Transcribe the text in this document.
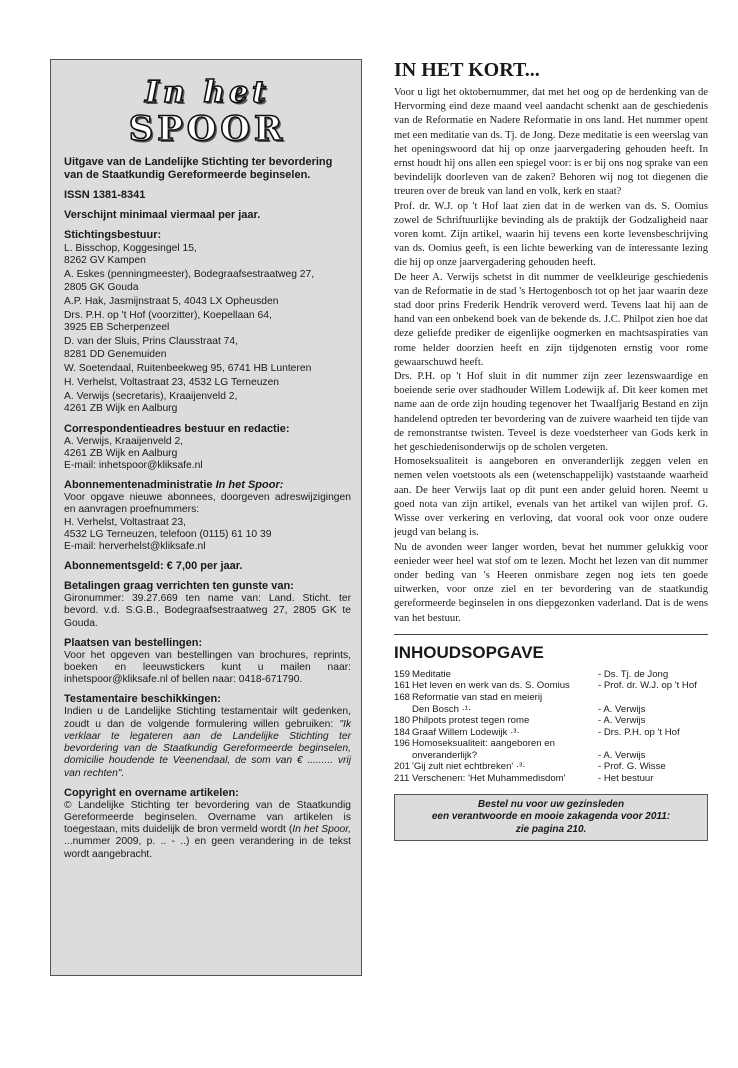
In het
SPOOR
Uitgave van de Landelijke Stichting ter bevordering van de Staatkundig Gereformeerde beginselen.
ISSN 1381-8341
Verschijnt minimaal viermaal per jaar.
Stichtingsbestuur:
L. Bisschop, Koggesingel 15,
8262 GV Kampen
A. Eskes (penningmeester), Bodegraafsestraatweg 27,
2805 GK Gouda
A.P. Hak, Jasmijnstraat 5, 4043 LX Opheusden
Drs. P.H. op 't Hof (voorzitter), Koepellaan 64,
3925 EB Scherpenzeel
D. van der Sluis, Prins Clausstraat 74,
8281 DD Genemuiden
W. Soetendaal, Ruitenbeekweg 95, 6741 HB Lunteren
H. Verhelst, Voltastraat 23, 4532 LG Terneuzen
A. Verwijs (secretaris), Kraaijenveld 2,
4261 ZB Wijk en Aalburg
Correspondentieadres bestuur en redactie:
A. Verwijs, Kraaijenveld 2,
4261 ZB Wijk en Aalburg
E-mail: inhetspoor@kliksafe.nl
Abonnementenadministratie In het Spoor:
Voor opgave nieuwe abonnees, doorgeven adreswijzigingen en aanvragen proefnummers:
H. Verhelst, Voltastraat 23,
4532 LG Terneuzen, telefoon (0115) 61 10 39
E-mail: herverhelst@kliksafe.nl
Abonnementsgeld: € 7,00 per jaar.
Betalingen graag verrichten ten gunste van:
Gironummer: 39.27.669 ten name van: Land. Sticht. ter bevord. v.d. S.G.B., Bodegraafsestraatweg 27, 2805 GK te Gouda.
Plaatsen van bestellingen:
Voor het opgeven van bestellingen van brochures, reprints, boeken en leeuwstickers kunt u mailen naar: inhetspoor@kliksafe.nl of bellen naar: 0418-671790.
Testamentaire beschikkingen:
Indien u de Landelijke Stichting testamentair wilt gedenken, zoudt u dan de volgende formulering willen gebruiken: "Ik verklaar te legateren aan de Landelijke Stichting ter bevordering van de Staatkundig Gereformeerde beginselen, domicilie houdende te Veenendaal, de som van € ......... vrij van rechten".
Copyright en overname artikelen:
© Landelijke Stichting ter bevordering van de Staatkundig Gereformeerde beginselen. Overname van artikelen is toegestaan, mits duidelijk de bron vermeld wordt (In het Spoor, ...nummer 2009, p. .. - ..) en geen verandering in de tekst wordt aangebracht.
IN HET KORT...

Voor u ligt het oktobernummer, dat met het oog op de herdenking van de Hervorming eind deze maand veel aandacht schenkt aan de geschiedenis van de Reformatie en Nadere Reformatie in ons land. Het nummer opent met een meditatie van ds. Tj. de Jong. Deze meditatie is een weerslag van het openingswoord dat hij op onze jaarvergadering gehouden heeft. In ernst houdt hij ons allen een spiegel voor: is er bij ons nog sprake van een bevindelijk doorleven van de zaken? Behoren wij nog tot diegenen die treuren over de breuk van land en volk, kerk en staat?

Prof. dr. W.J. op 't Hof laat zien dat in de werken van ds. S. Oomius zowel de Schriftuurlijke bevinding als de praktijk der Godzaligheid naar voren komt. Zijn artikel, waarin hij tevens een korte levensbeschrijving van ds. Oomius geeft, is een lichte bewerking van de interessante lezing die hij op onze jaarvergadering gehouden heeft.

De heer A. Verwijs schetst in dit nummer de veelkleurige geschiedenis van de Reformatie in de stad 's Hertogenbosch tot op het jaar waarin deze stad door prins Frederik Hendrik veroverd werd. Tevens laat hij aan de hand van een onbekend boek van de bekende ds. J.C. Philpot zien hoe dat deze geliefde prediker de eigenlijke oogmerken en machtsaspiraties van rome helder doorzien heeft en zijn tijdgenoten ernstig voor rome gewaarschuwd heeft.

Drs. P.H. op 't Hof sluit in dit nummer zijn zeer lezenswaardige en boeiende serie over stadhouder Willem Lodewijk af. Dit keer komen met name aan de orde zijn houding tegenover het Twaalfjarig Bestand en zijn handelend optreden ter bevordering van de zuivere waarheid ten tijde van de remonstrantse twisten. Teveel is deze voedsterheer van Gods kerk in het geschiedenisonderwijs op de scholen vergeten.

Homoseksualiteit is aangeboren en onveranderlijk zeggen velen en nemen velen voetstoots als een (wetenschappelijk) vaststaande waarheid aan. De heer Verwijs laat op dit punt een ander geluid horen. Neemt u goed nota van zijn artikel, evenals van het artikel van wijlen prof. G. Wisse over verkering en verloving, dat vooral ook voor onze oudere jeugd van belang is.

Nu de avonden weer langer worden, bevat het nummer gelukkig voor eenieder weer heel wat stof om te lezen. Mocht het lezen van dit nummer onder beding van 's Heeren onmisbare zegen nog iets ten goede uitwerken, voor onze ziel en ter bevordering van de staatkundig gereformeerde beginselen in ons diepgezonken vaderland. Dat is de wens van het bestuur.

INHOUDSOPGAVE
159 Meditatie	- Ds. Tj. de Jong
161 Het leven en werk van ds. S. Oomius	- Prof. dr. W.J. op 't Hof
168 Reformatie van stad en meierij
Den Bosch ·¹·
	- A. Verwijs
180 Philpots protest tegen rome	- A. Verwijs
184 Graaf Willem Lodewijk ·³·	- Drs. P.H. op 't Hof
196 Homoseksualiteit: aangeboren en
onveranderlijk?
	- A. Verwijs
201 'Gij zult niet echtbreken' ·³·	- Prof. G. Wisse
211 Verschenen: 'Het Muhammedisdom'	- Het bestuur
Bestel nu voor uw gezinsleden
een verantwoorde en mooie zakagenda voor 2011:
zie pagina 210.
